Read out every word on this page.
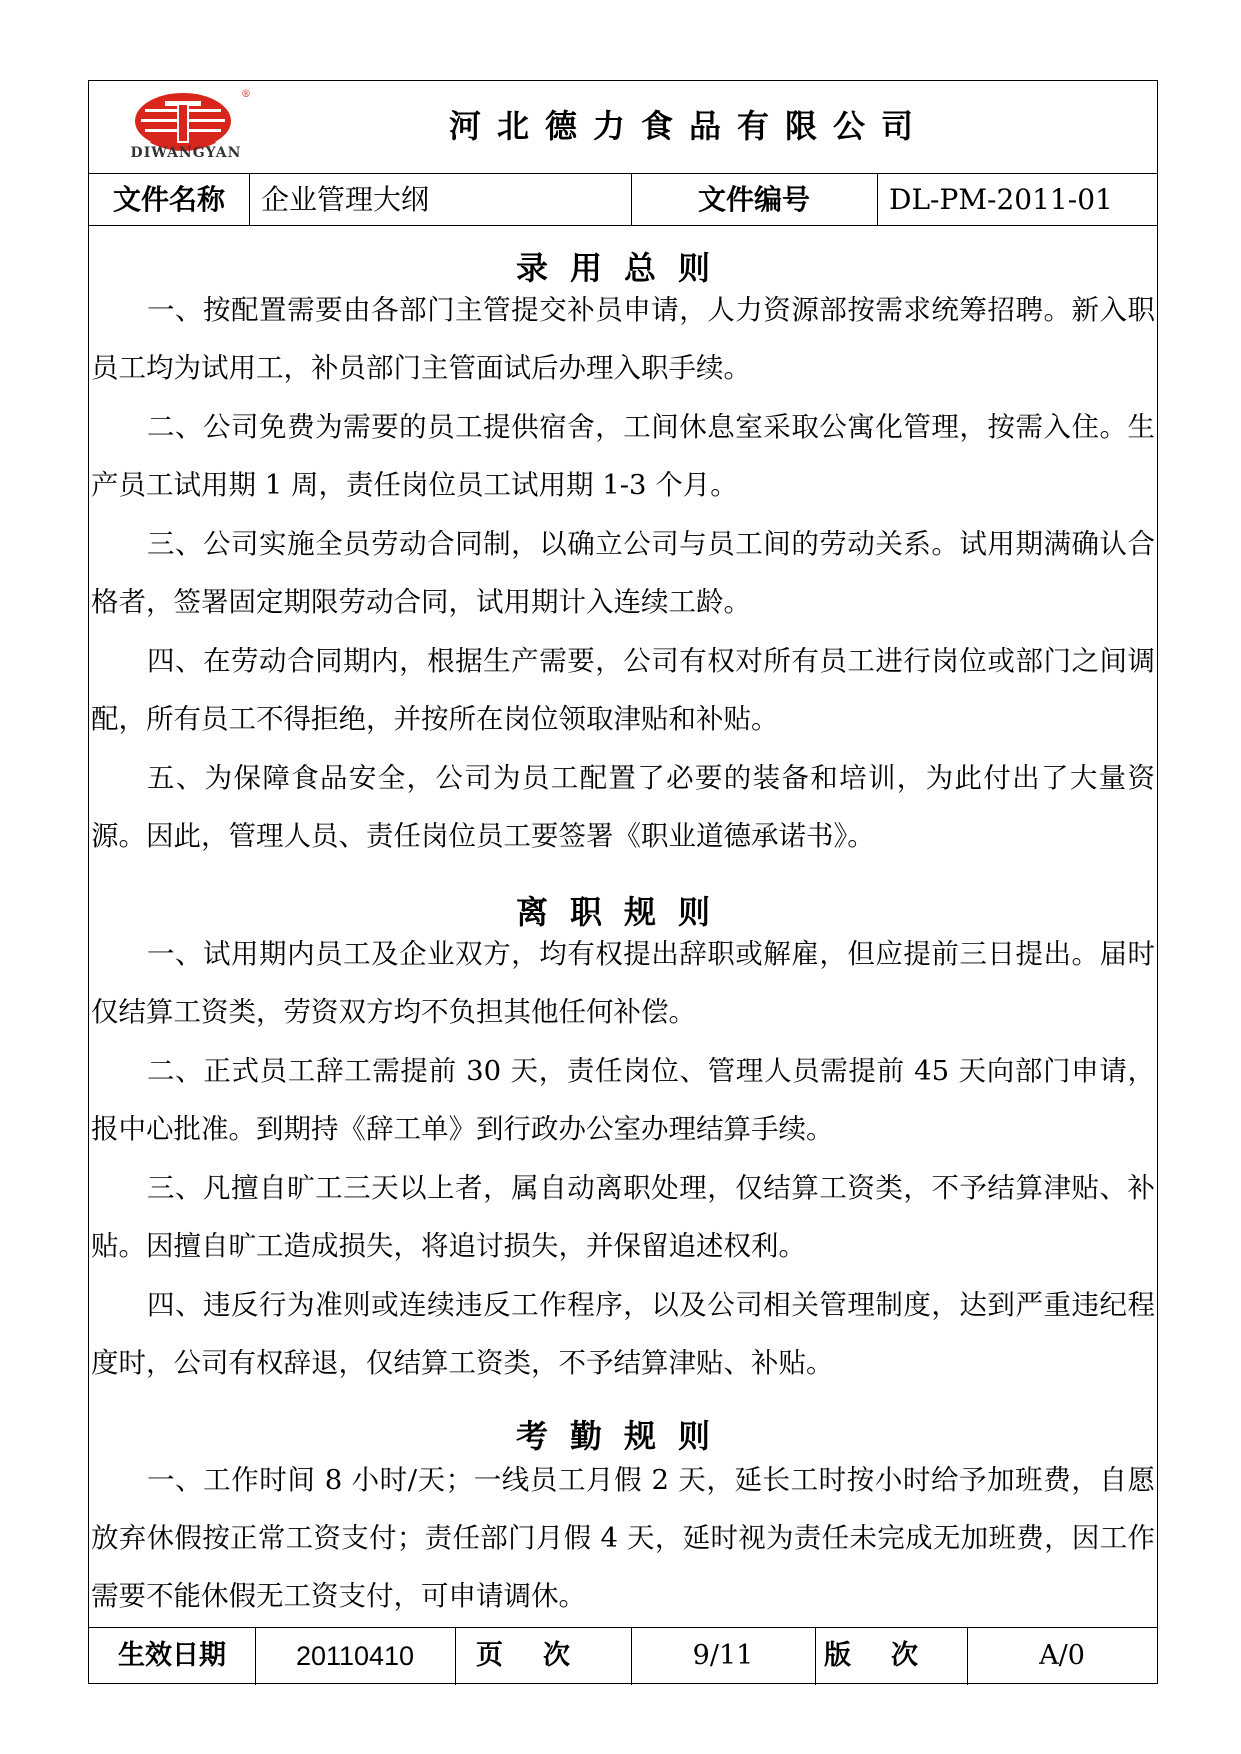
DIWANGYAN
®
河北德力食品有限公司
文件名称	企业管理大纲	文件编号	DL-PM-2011-01
录用总则
一、按配置需要由各部门主管提交补员申请，人力资源部按需求统筹招聘。新入职员工均为试用工，补员部门主管面试后办理入职手续。
二、公司免费为需要的员工提供宿舍，工间休息室采取公寓化管理，按需入住。生产员工试用期 1 周，责任岗位员工试用期 1-3 个月。
三、公司实施全员劳动合同制，以确立公司与员工间的劳动关系。试用期满确认合格者，签署固定期限劳动合同，试用期计入连续工龄。
四、在劳动合同期内，根据生产需要，公司有权对所有员工进行岗位或部门之间调配，所有员工不得拒绝，并按所在岗位领取津贴和补贴。
五、为保障食品安全，公司为员工配置了必要的装备和培训，为此付出了大量资源。因此，管理人员、责任岗位员工要签署《职业道德承诺书》。
离职规则
一、试用期内员工及企业双方，均有权提出辞职或解雇，但应提前三日提出。届时仅结算工资类，劳资双方均不负担其他任何补偿。
二、正式员工辞工需提前 30 天，责任岗位、管理人员需提前 45 天向部门申请，报中心批准。到期持《辞工单》到行政办公室办理结算手续。
三、凡擅自旷工三天以上者，属自动离职处理，仅结算工资类，不予结算津贴、补贴。因擅自旷工造成损失，将追讨损失，并保留追述权利。
四、违反行为准则或连续违反工作程序，以及公司相关管理制度，达到严重违纪程度时，公司有权辞退，仅结算工资类，不予结算津贴、补贴。
考勤规则
一、工作时间 8 小时/天；一线员工月假 2 天，延长工时按小时给予加班费，自愿放弃休假按正常工资支付；责任部门月假 4 天，延时视为责任未完成无加班费，因工作需要不能休假无工资支付，可申请调休。
生效日期	20110410	页次	9/11	版次	A/0
